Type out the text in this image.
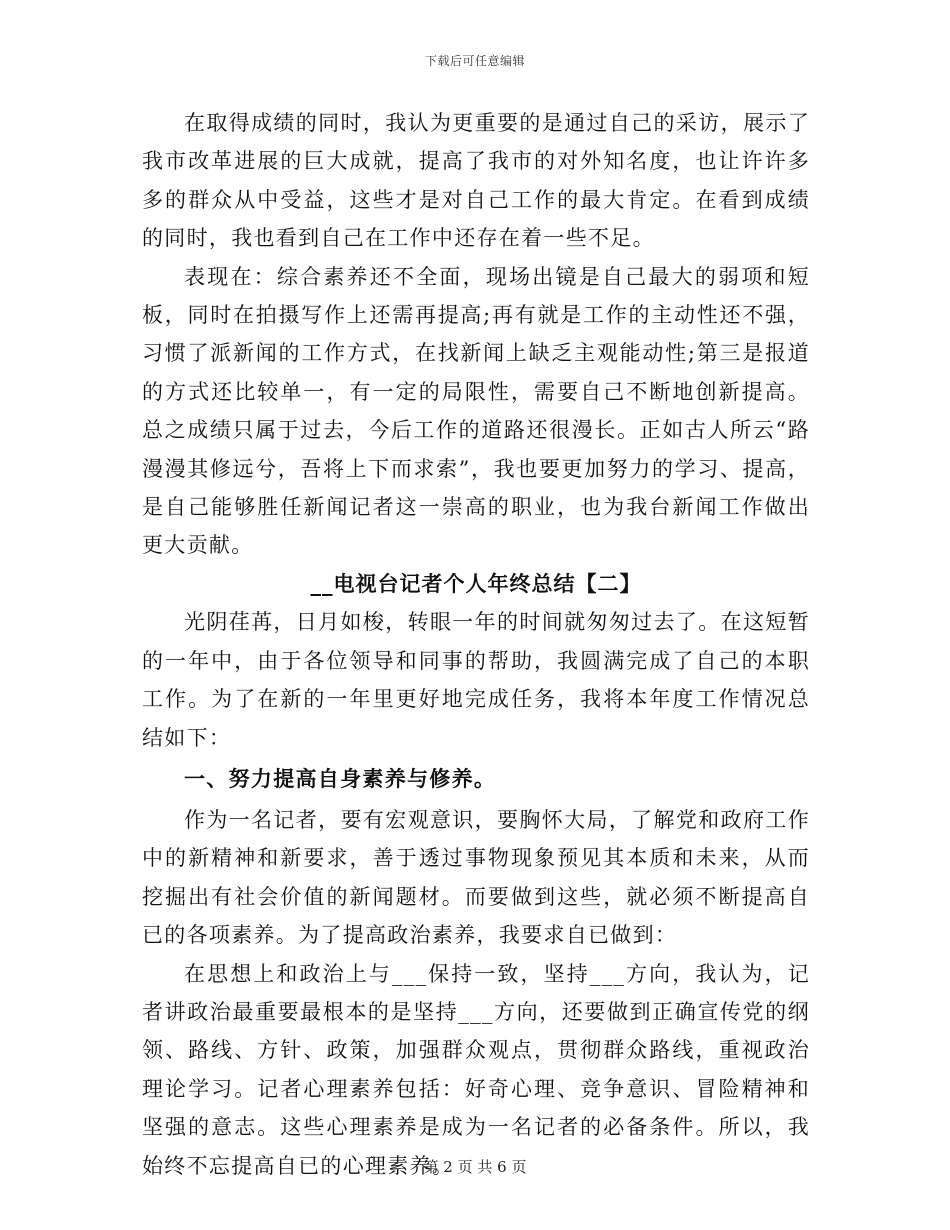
下载后可任意编辑

在取得成绩的同时，我认为更重要的是通过自己的采访，展示了我市改革进展的巨大成就，提高了我市的对外知名度，也让许许多多的群众从中受益，这些才是对自己工作的最大肯定。在看到成绩的同时，我也看到自己在工作中还存在着一些不足。

表现在：综合素养还不全面，现场出镜是自己最大的弱项和短板，同时在拍摄写作上还需再提高;再有就是工作的主动性还不强，习惯了派新闻的工作方式，在找新闻上缺乏主观能动性;第三是报道的方式还比较单一，有一定的局限性，需要自己不断地创新提高。总之成绩只属于过去，今后工作的道路还很漫长。正如古人所云“路漫漫其修远兮，吾将上下而求索”，我也要更加努力的学习、提高，是自己能够胜任新闻记者这一崇高的职业，也为我台新闻工作做出更大贡献。

__电视台记者个人年终总结【二】

光阴荏苒，日月如梭，转眼一年的时间就匆匆过去了。在这短暂的一年中，由于各位领导和同事的帮助，我圆满完成了自己的本职工作。为了在新的一年里更好地完成任务，我将本年度工作情况总结如下：

一、努力提高自身素养与修养。

作为一名记者，要有宏观意识，要胸怀大局，了解党和政府工作中的新精神和新要求，善于透过事物现象预见其本质和未来，从而挖掘出有社会价值的新闻题材。而要做到这些，就必须不断提高自已的各项素养。为了提高政治素养，我要求自已做到：

在思想上和政治上与___保持一致，坚持___方向，我认为，记者讲政治最重要最根本的是坚持___方向，还要做到正确宣传党的纲领、路线、方针、政策，加强群众观点，贯彻群众路线，重视政治理论学习。记者心理素养包括：好奇心理、竞争意识、冒险精神和坚强的意志。这些心理素养是成为一名记者的必备条件。所以，我始终不忘提高自已的心理素养。

第 2 页 共 6 页
